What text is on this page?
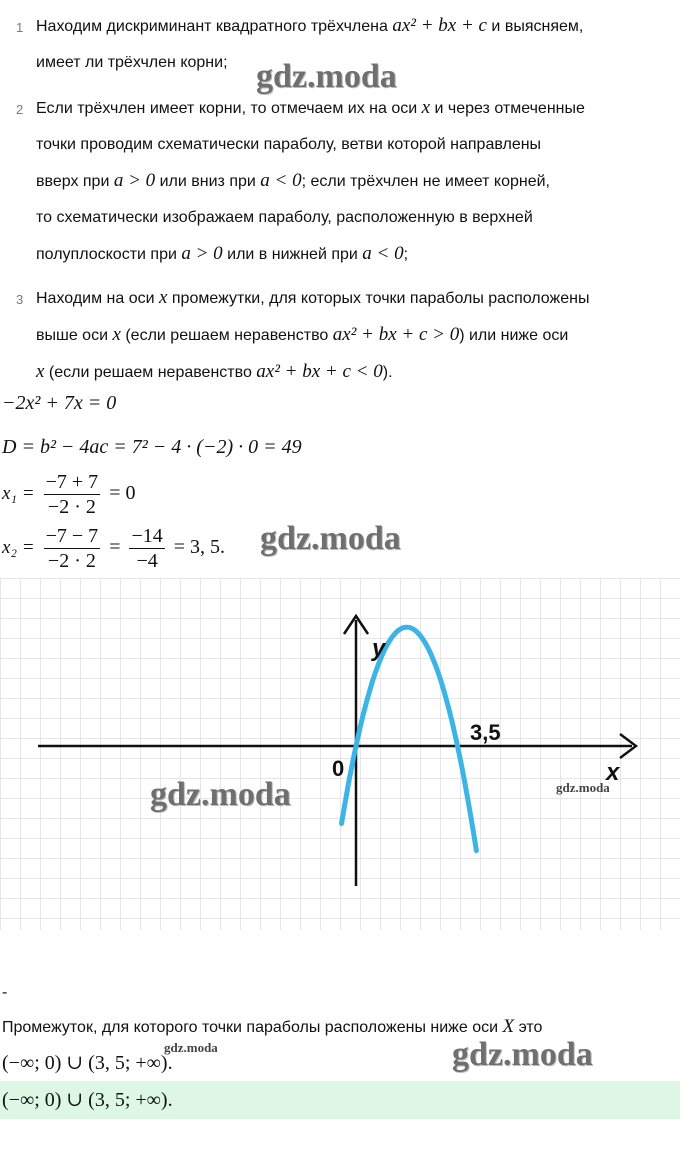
1 Находим дискриминант квадратного трёхчлена ax² + bx + c и выясняем,
имеет ли трёхчлен корни;
2 Если трёхчлен имеет корни, то отмечаем их на оси x и через отмеченные
точки проводим схематически параболу, ветви которой направлены
вверх при a > 0 или вниз при a < 0; если трёхчлен не имеет корней,
то схематически изображаем параболу, расположенную в верхней
полуплоскости при a > 0 или в нижней при a < 0;
3 Находим на оси x промежутки, для которых точки параболы расположены
выше оси x (если решаем неравенство ax² + bx + c > 0) или ниже оси
x (если решаем неравенство ax² + bx + c < 0).
−2x² + 7x = 0
D = b² − 4ac = 7² − 4 · (−2) · 0 = 49
$x_1 = \frac{-7 + 7}{-2 \cdot 2} = 0$
$x_2 = \frac{-7 - 7}{-2 \cdot 2} = \frac{-14}{-4} = 3$, 5.
y
x
0
3,5
gdz.moda
gdz.moda
gdz.moda	gdz.moda
gdz.moda	gdz.moda
-
Промежуток, для которого точки параболы расположены ниже оси X это
(−∞; 0) ∪ (3, 5; +∞).
(−∞; 0) ∪ (3, 5; +∞).
